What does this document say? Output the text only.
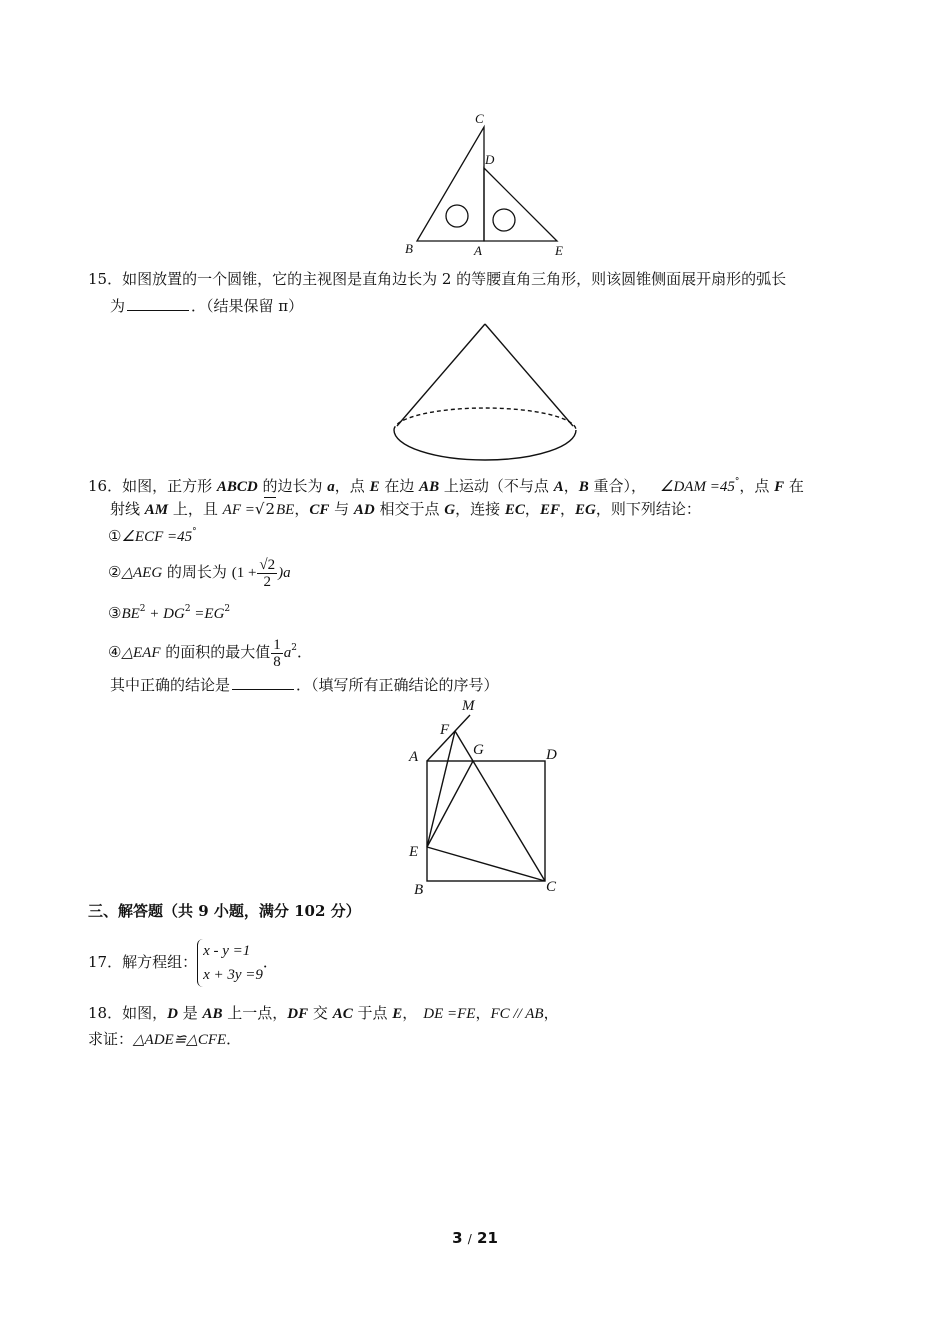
C
D
B	A	E
15．如图放置的一个圆锥，它的主视图是直角边长为 2 的等腰直角三角形，则该圆锥侧面展开扇形的弧长
为	．（结果保留 π）
16．如图，正方形 ABCD 的边长为 a，点 E 在边 AB 上运动（不与点 A，B 重合）， ∠DAM =45°，点 F 在
射线 AM 上，且 AF =√2BE，CF 与 AD 相交于点 G，连接 EC，EF，EG，则下列结论：
①∠ECF =45°
②△AEG 的周长为 $(1 + \frac{√2}{2} )a$
$③BE^2 + DG^2 =EG^2$
④△EAF 的面积的最大值 $\frac{1}{8} a^2$．
其中正确的结论是	．（填写所有正确结论的序号）
M
F
A	G	D
E
B	C
三、解答题（共 9 小题，满分 102 分）
17．解方程组：
x - y =1
x + 3y =9
．
18．如图，D 是 AB 上一点，DF 交 AC 于点 E， DE =FE，FC // AB，
求证：△ADE≌△CFE．
3 / 21
